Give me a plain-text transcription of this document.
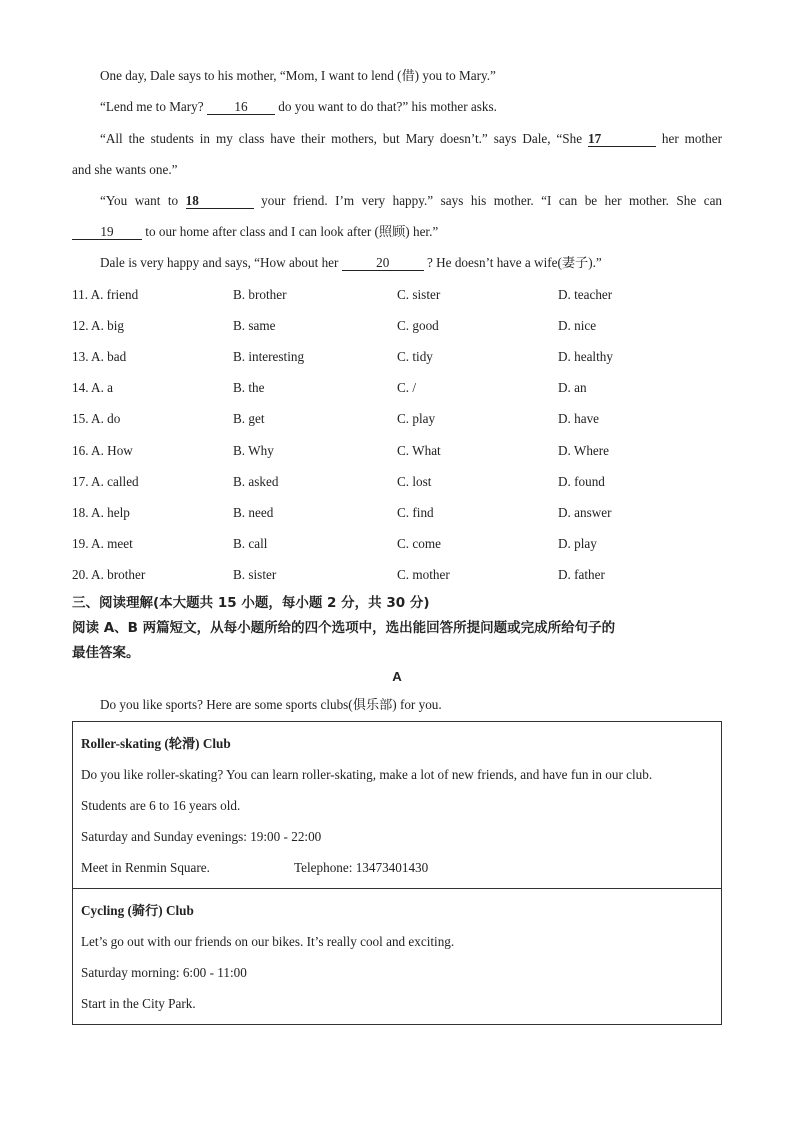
One day, Dale says to his mother, “Mom, I want to lend (借) you to Mary.”
“Lend me to Mary? 16 do you want to do that?” his mother asks.
“All the students in my class have their mothers, but Mary doesn’t.” says Dale, “She 17	her mother
and she wants one.”
“You want to 18	your friend. I’m very happy.” says his mother. “I can be her mother. She can
19 to our home after class and I can look after (照顾) her.”
Dale is very happy and says, “How about her	20	? He doesn’t have a wife(妻子).”
11. A. friend	B. brother	C. sister	D. teacher
12. A. big	B. same	C. good	D. nice
13. A. bad	B. interesting	C. tidy	D. healthy
14. A. a	B. the	C. /	D. an
15. A. do	B. get	C. play	D. have
16. A. How	B. Why	C. What	D. Where
17. A. called	B. asked	C. lost	D. found
18. A. help	B. need	C. find	D. answer
19. A. meet	B. call	C. come	D. play
20. A. brother	B. sister	C. mother	D. father
三、阅读理解(本大题共 15 小题，每小题 2 分，共 30 分)
阅读 A、B 两篇短文，从每小题所给的四个选项中，选出能回答所提问题或完成所给句子的
最佳答案。
A
Do you like sports? Here are some sports clubs(俱乐部) for you.
Roller-skating (轮滑) Club
Do you like roller-skating? You can learn roller-skating, make a lot of new friends, and have fun in our club.
Students are 6 to 16 years old.
Saturday and Sunday evenings: 19:00 - 22:00
Meet in Renmin Square.	Telephone: 13473401430
Cycling (骑行) Club
Let’s go out with our friends on our bikes. It’s really cool and exciting.
Saturday morning: 6:00 - 11:00
Start in the City Park.
